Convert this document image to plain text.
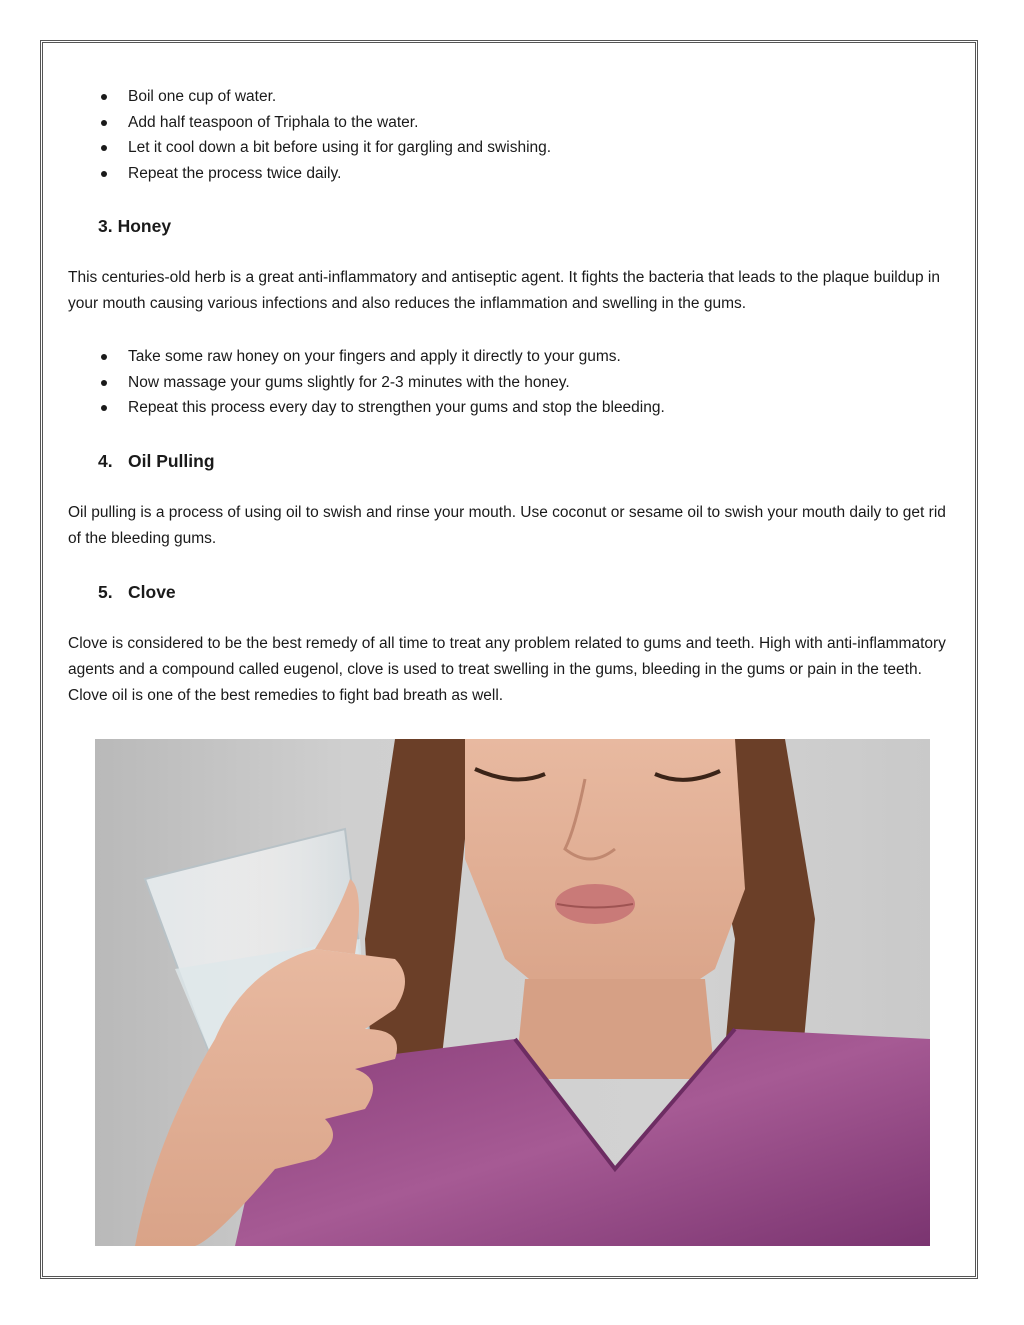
Boil one cup of water.
Add half teaspoon of Triphala to the water.
Let it cool down a bit before using it for gargling and swishing.
Repeat the process twice daily.
3. Honey

This centuries-old herb is a great anti-inflammatory and antiseptic agent. It fights the bacteria that leads to the plaque buildup in your mouth causing various infections and also reduces the inflammation and swelling in the gums.

Take some raw honey on your fingers and apply it directly to your gums.
Now massage your gums slightly for 2-3 minutes with the honey.
Repeat this process every day to strengthen your gums and stop the bleeding.
4. Oil Pulling

Oil pulling is a process of using oil to swish and rinse your mouth. Use coconut or sesame oil to swish your mouth daily to get rid of the bleeding gums.

5. Clove

Clove is considered to be the best remedy of all time to treat any problem related to gums and teeth. High with anti-inflammatory agents and a compound called eugenol, clove is used to treat swelling in the gums, bleeding in the gums or pain in the teeth. Clove oil is one of the best remedies to fight bad breath as well.
